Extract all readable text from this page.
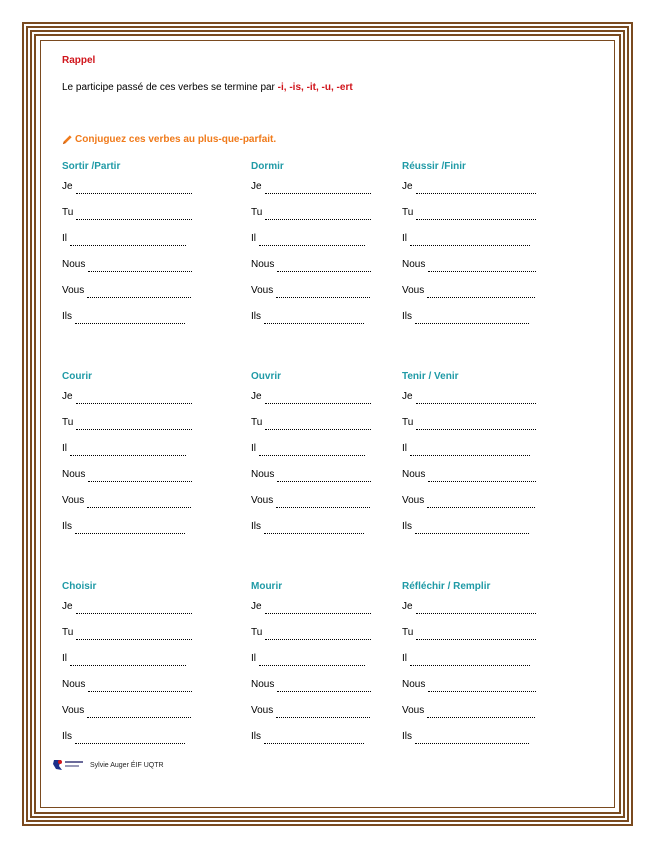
Rappel
Le participe passé de ces verbes se termine par -i, -is, -it, -u, -ert
Conjuguez ces verbes au plus-que-parfait.
Sortir /Partir
Je
Tu
Il
Nous
Vous
Ils
Dormir
Je
Tu
Il
Nous
Vous
Ils
Réussir /Finir
Je
Tu
Il
Nous
Vous
Ils
Courir
Je
Tu
Il
Nous
Vous
Ils
Ouvrir
Je
Tu
Il
Nous
Vous
Ils
Tenir / Venir
Je
Tu
Il
Nous
Vous
Ils
Choisir
Je
Tu
Il
Nous
Vous
Ils
Mourir
Je
Tu
Il
Nous
Vous
Ils
Réfléchir / Remplir
Je
Tu
Il
Nous
Vous
Ils
Sylvie Auger ÉIF UQTR
